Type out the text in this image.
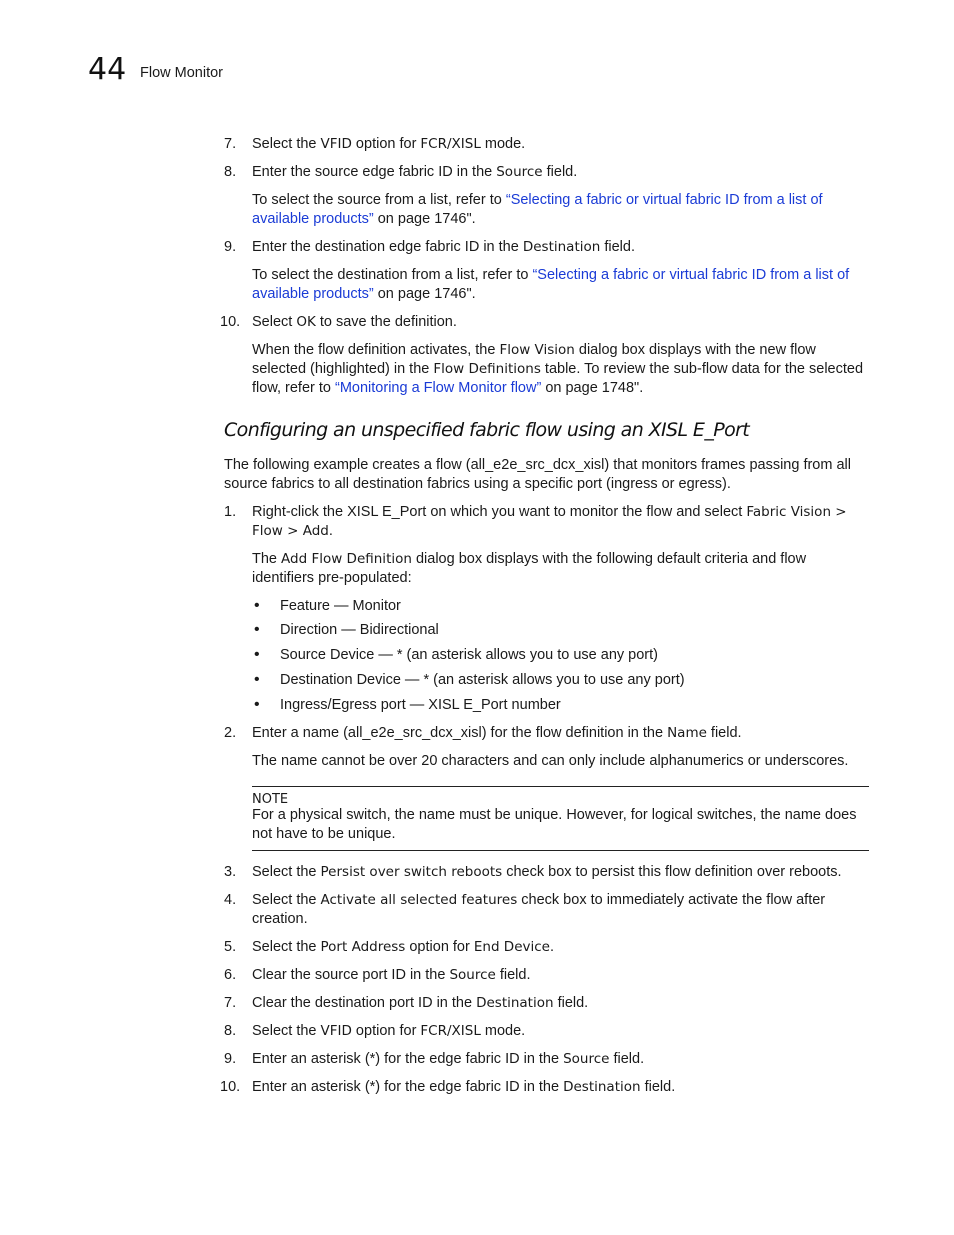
44 Flow Monitor
7. Select the VFID option for FCR/XISL mode.
8. Enter the source edge fabric ID in the Source field.
To select the source from a list, refer to “Selecting a fabric or virtual fabric ID from a list of available products” on page 1746".
9. Enter the destination edge fabric ID in the Destination field.
To select the destination from a list, refer to “Selecting a fabric or virtual fabric ID from a list of available products” on page 1746".
10. Select OK to save the definition.
When the flow definition activates, the Flow Vision dialog box displays with the new flow selected (highlighted) in the Flow Definitions table. To review the sub-flow data for the selected flow, refer to “Monitoring a Flow Monitor flow” on page 1748".
Configuring an unspecified fabric flow using an XISL E_Port
The following example creates a flow (all_e2e_src_dcx_xisl) that monitors frames passing from all source fabrics to all destination fabrics using a specific port (ingress or egress).
1. Right-click the XISL E_Port on which you want to monitor the flow and select Fabric Vision > Flow > Add.
The Add Flow Definition dialog box displays with the following default criteria and flow identifiers pre-populated:
• Feature — Monitor
• Direction — Bidirectional
• Source Device — * (an asterisk allows you to use any port)
• Destination Device — * (an asterisk allows you to use any port)
• Ingress/Egress port — XISL E_Port number
2. Enter a name (all_e2e_src_dcx_xisl) for the flow definition in the Name field.
The name cannot be over 20 characters and can only include alphanumerics or underscores.
NOTE
For a physical switch, the name must be unique. However, for logical switches, the name does not have to be unique.
3. Select the Persist over switch reboots check box to persist this flow definition over reboots.
4. Select the Activate all selected features check box to immediately activate the flow after creation.
5. Select the Port Address option for End Device.
6. Clear the source port ID in the Source field.
7. Clear the destination port ID in the Destination field.
8. Select the VFID option for FCR/XISL mode.
9. Enter an asterisk (*) for the edge fabric ID in the Source field.
10. Enter an asterisk (*) for the edge fabric ID in the Destination field.
